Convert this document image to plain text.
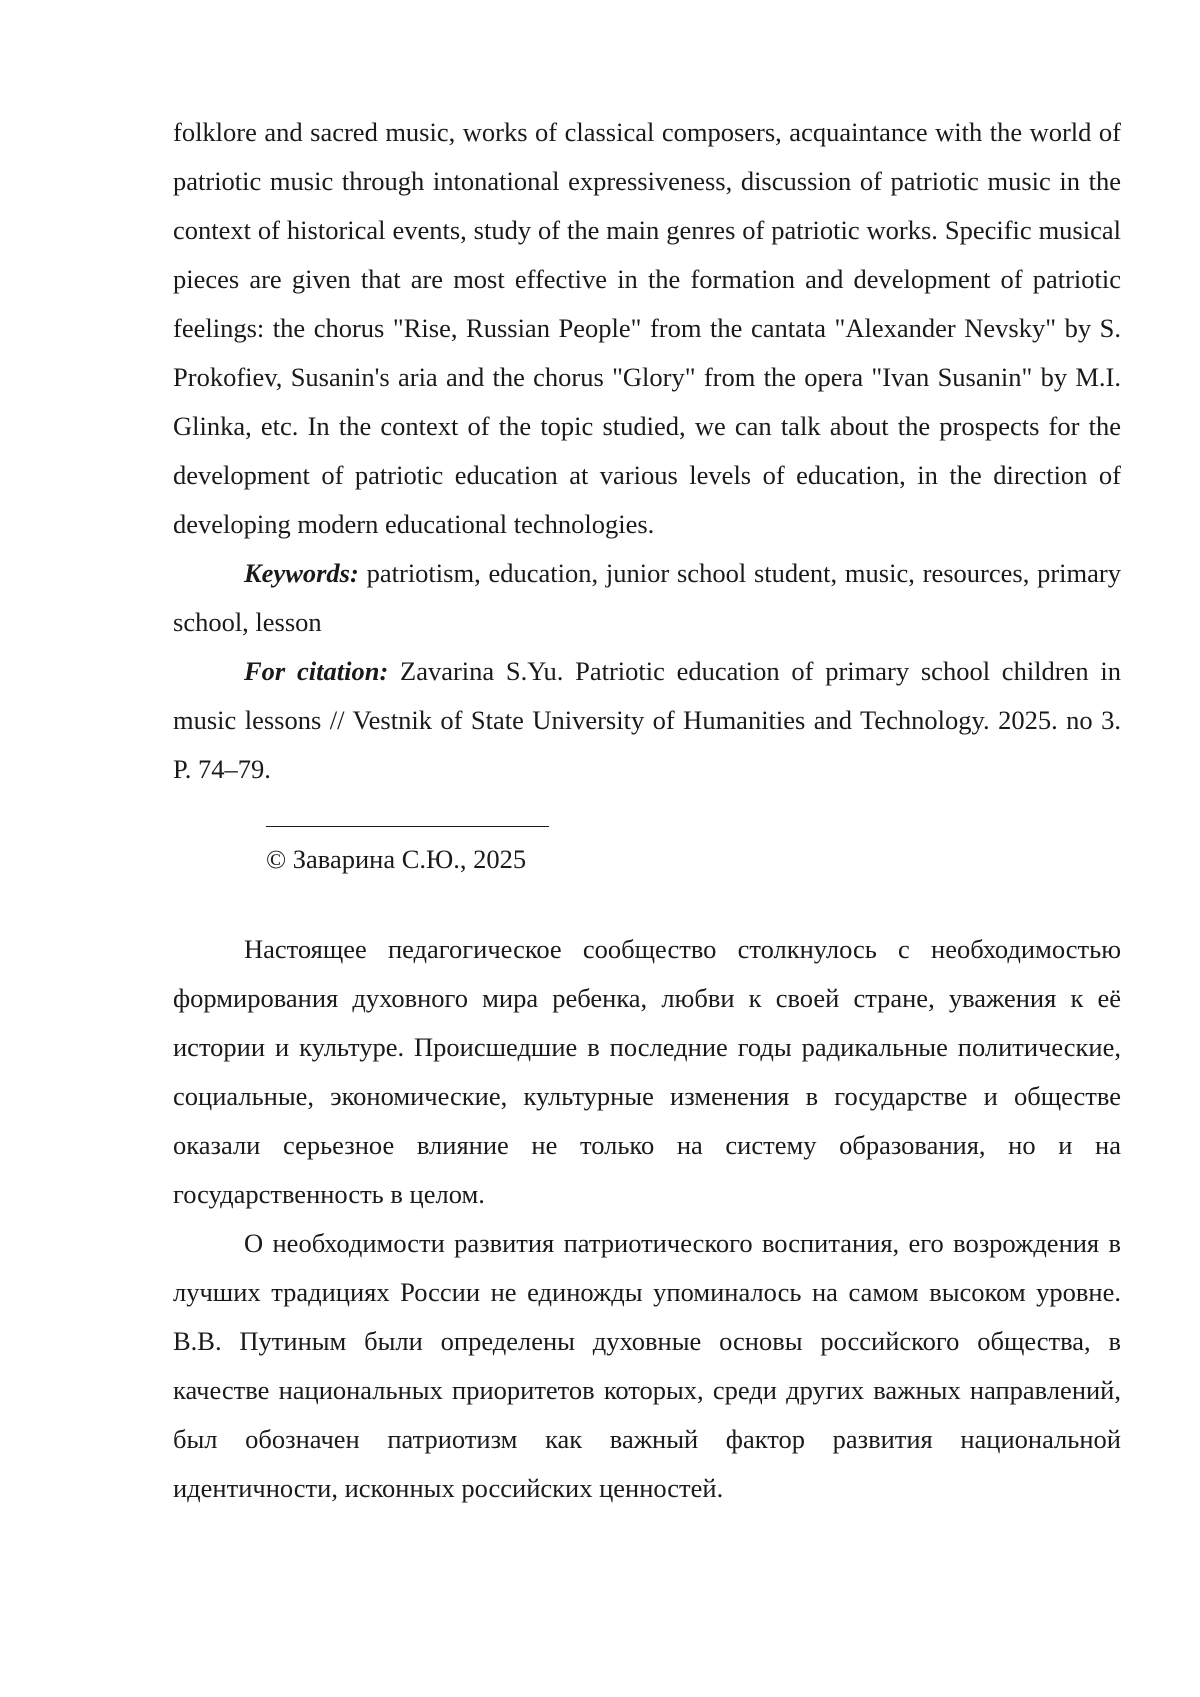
folklore and sacred music, works of classical composers, acquaintance with the world of patriotic music through intonational expressiveness, discussion of patriotic music in the context of historical events, study of the main genres of patriotic works. Specific musical pieces are given that are most effective in the formation and development of patriotic feelings: the chorus "Rise, Russian People" from the cantata "Alexander Nevsky" by S. Prokofiev, Susanin's aria and the chorus "Glory" from the opera "Ivan Susanin" by M.I. Glinka, etc. In the context of the topic studied, we can talk about the prospects for the development of patriotic education at various levels of education, in the direction of developing modern educational technologies.

Keywords: patriotism, education, junior school student, music, resources, primary school, lesson

For citation: Zavarina S.Yu. Patriotic education of primary school children in music lessons // Vestnik of State University of Humanities and Technology. 2025. no 3. P. 74–79.

© Заварина С.Ю., 2025

Настоящее педагогическое сообщество столкнулось с необходимостью формирования духовного мира ребенка, любви к своей стране, уважения к её истории и культуре. Происшедшие в последние годы радикальные политические, социальные, экономические, культурные изменения в государстве и обществе оказали серьезное влияние не только на систему образования, но и на государственность в целом.

О необходимости развития патриотического воспитания, его возрождения в лучших традициях России не единожды упоминалось на самом высоком уровне. В.В. Путиным были определены духовные основы российского общества, в качестве национальных приоритетов которых, среди других важных направлений, был обозначен патриотизм как важный фактор развития национальной идентичности, исконных российских ценностей.
